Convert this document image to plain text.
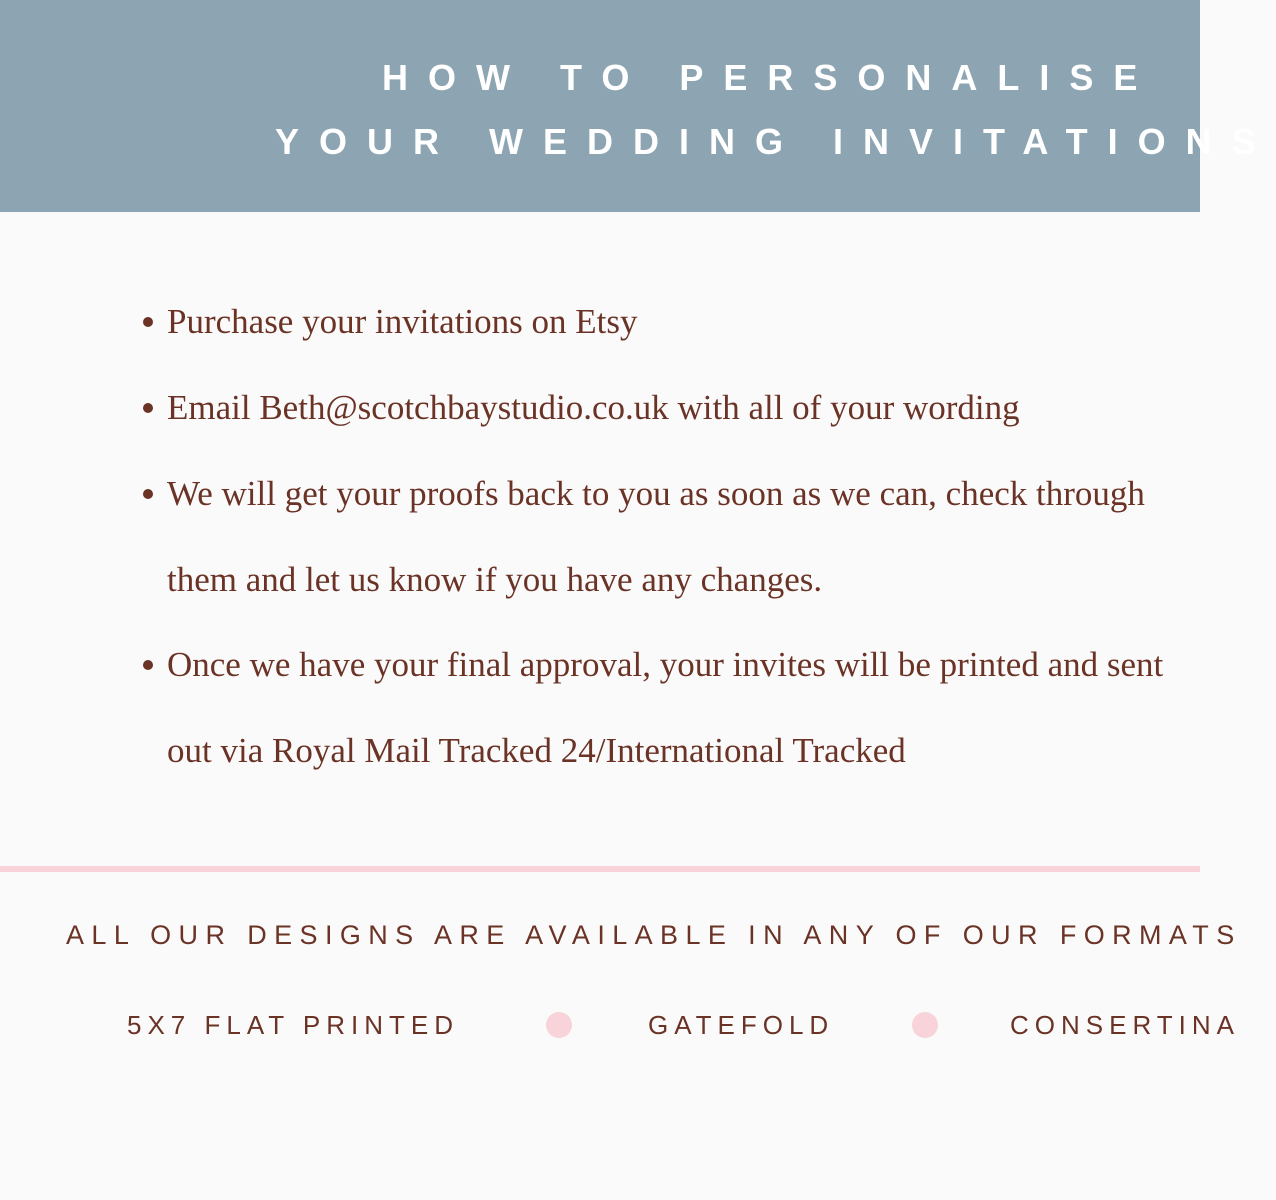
HOW TO PERSONALISE
YOUR WEDDING INVITATIONS
Purchase your invitations on Etsy
Email Beth@scotchbaystudio.co.uk with all of your wording
We will get your proofs back to you as soon as we can, check through
them and let us know if you have any changes.
Once we have your final approval, your invites will be printed and sent
out via Royal Mail Tracked 24/International Tracked
ALL OUR DESIGNS ARE AVAILABLE IN ANY OF OUR FORMATS
5X7 FLAT PRINTED	GATEFOLD	CONSERTINA
